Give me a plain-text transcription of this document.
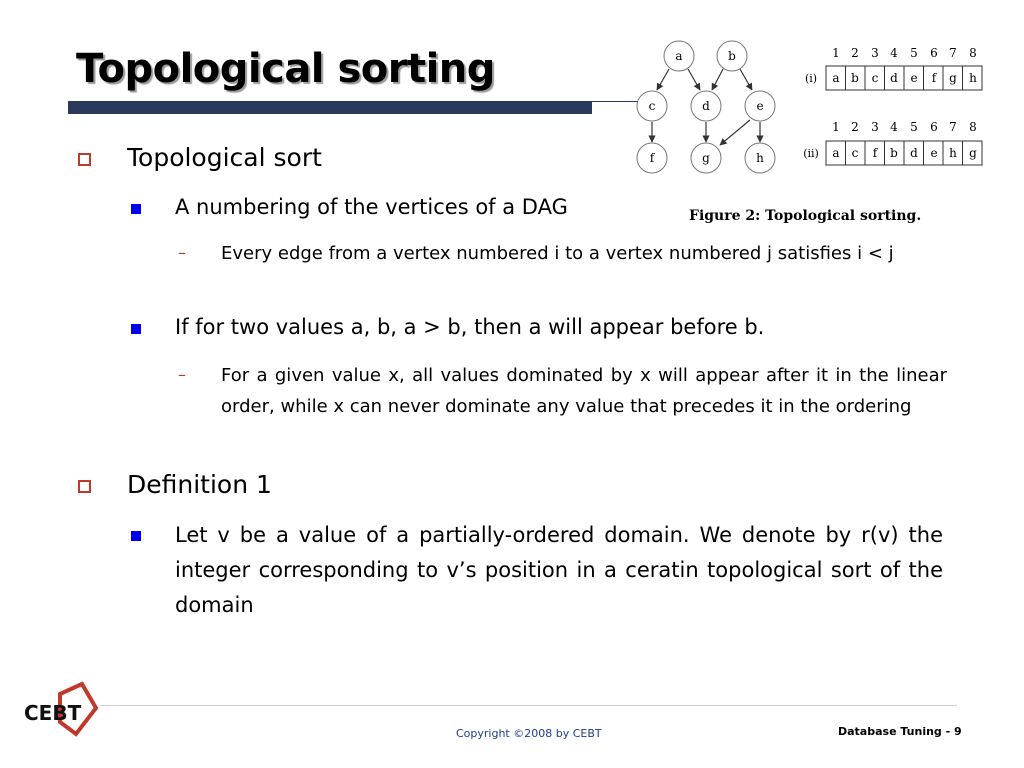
Topological sorting
Topological sort
A numbering of the vertices of a DAG
– Every edge from a vertex numbered i to a vertex numbered j satisfies i < j
If for two values a, b, a > b, then a will appear before b.
– For a given value x, all values dominated by x will appear after it in the linear order, while x can never dominate any value that precedes it in the ordering
Definition 1
Let v be a value of a partially-ordered domain. We denote by r(v) the integer corresponding to v’s position in a ceratin topological sort of the domain
a	b
c	d	e
f	g	h
1 2 3 4 5 6 7 8
(i) a b c d e f g h
1 2 3 4 5 6 7 8
(ii) a c f b d e h g
Figure 2: Topological sorting.
CEBT
Copyright ©2008 by CEBT	Database Tuning - 9
